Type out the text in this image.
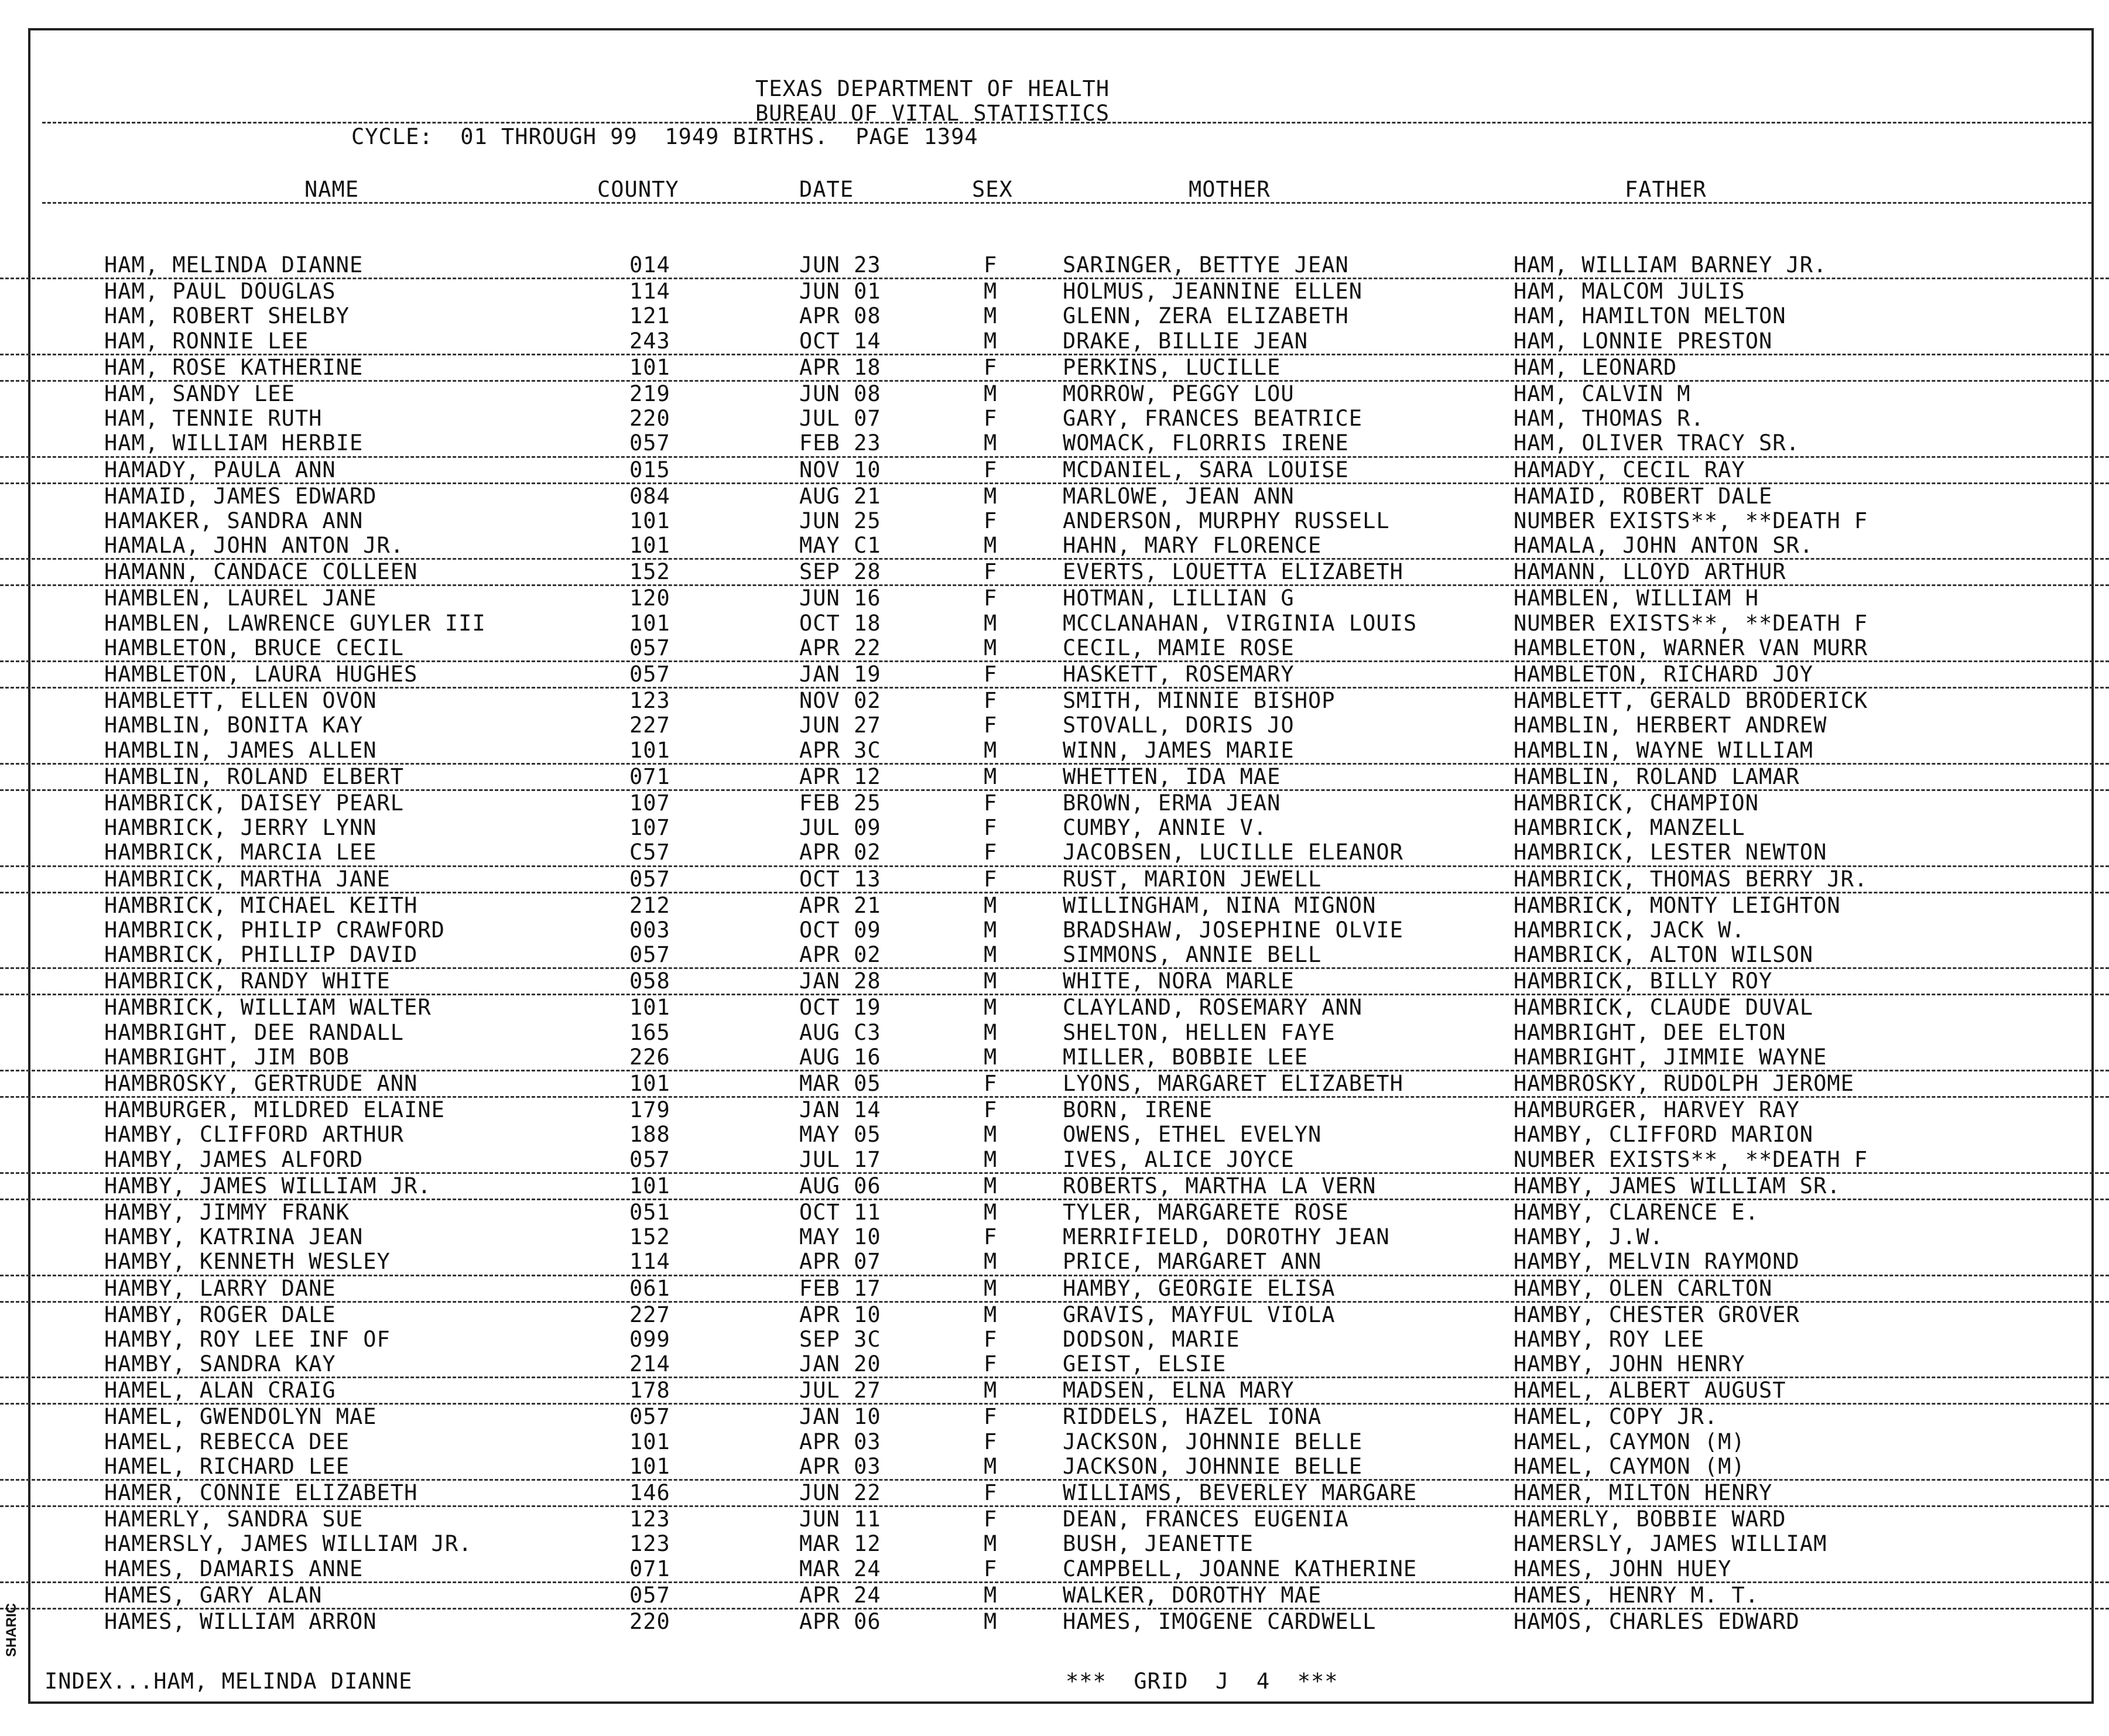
TEXAS DEPARTMENT OF HEALTH
BUREAU OF VITAL STATISTICS
CYCLE:  01 THROUGH 99  1949 BIRTHS.  PAGE 1394
NAME	COUNTY	DATE	SEX	MOTHER	FATHER
HAM, MELINDA DIANNE	014	JUN 23	F	SARINGER, BETTYE JEAN	HAM, WILLIAM BARNEY JR.
HAM, PAUL DOUGLAS	114	JUN 01	M	HOLMUS, JEANNINE ELLEN	HAM, MALCOM JULIS
HAM, ROBERT SHELBY	121	APR 08	M	GLENN, ZERA ELIZABETH	HAM, HAMILTON MELTON
HAM, RONNIE LEE	243	OCT 14	M	DRAKE, BILLIE JEAN	HAM, LONNIE PRESTON
HAM, ROSE KATHERINE	101	APR 18	F	PERKINS, LUCILLE	HAM, LEONARD
HAM, SANDY LEE	219	JUN 08	M	MORROW, PEGGY LOU	HAM, CALVIN M
HAM, TENNIE RUTH	220	JUL 07	F	GARY, FRANCES BEATRICE	HAM, THOMAS R.
HAM, WILLIAM HERBIE	057	FEB 23	M	WOMACK, FLORRIS IRENE	HAM, OLIVER TRACY SR.
HAMADY, PAULA ANN	015	NOV 10	F	MCDANIEL, SARA LOUISE	HAMADY, CECIL RAY
HAMAID, JAMES EDWARD	084	AUG 21	M	MARLOWE, JEAN ANN	HAMAID, ROBERT DALE
HAMAKER, SANDRA ANN	101	JUN 25	F	ANDERSON, MURPHY RUSSELL	NUMBER EXISTS**, **DEATH F
HAMALA, JOHN ANTON JR.	101	MAY C1	M	HAHN, MARY FLORENCE	HAMALA, JOHN ANTON SR.
HAMANN, CANDACE COLLEEN	152	SEP 28	F	EVERTS, LOUETTA ELIZABETH	HAMANN, LLOYD ARTHUR
HAMBLEN, LAUREL JANE	120	JUN 16	F	HOTMAN, LILLIAN G	HAMBLEN, WILLIAM H
HAMBLEN, LAWRENCE GUYLER III	101	OCT 18	M	MCCLANAHAN, VIRGINIA LOUIS	NUMBER EXISTS**, **DEATH F
HAMBLETON, BRUCE CECIL	057	APR 22	M	CECIL, MAMIE ROSE	HAMBLETON, WARNER VAN MURR
HAMBLETON, LAURA HUGHES	057	JAN 19	F	HASKETT, ROSEMARY	HAMBLETON, RICHARD JOY
HAMBLETT, ELLEN OVON	123	NOV 02	F	SMITH, MINNIE BISHOP	HAMBLETT, GERALD BRODERICK
HAMBLIN, BONITA KAY	227	JUN 27	F	STOVALL, DORIS JO	HAMBLIN, HERBERT ANDREW
HAMBLIN, JAMES ALLEN	101	APR 3C	M	WINN, JAMES MARIE	HAMBLIN, WAYNE WILLIAM
HAMBLIN, ROLAND ELBERT	071	APR 12	M	WHETTEN, IDA MAE	HAMBLIN, ROLAND LAMAR
HAMBRICK, DAISEY PEARL	107	FEB 25	F	BROWN, ERMA JEAN	HAMBRICK, CHAMPION
HAMBRICK, JERRY LYNN	107	JUL 09	F	CUMBY, ANNIE V.	HAMBRICK, MANZELL
HAMBRICK, MARCIA LEE	C57	APR 02	F	JACOBSEN, LUCILLE ELEANOR	HAMBRICK, LESTER NEWTON
HAMBRICK, MARTHA JANE	057	OCT 13	F	RUST, MARION JEWELL	HAMBRICK, THOMAS BERRY JR.
HAMBRICK, MICHAEL KEITH	212	APR 21	M	WILLINGHAM, NINA MIGNON	HAMBRICK, MONTY LEIGHTON
HAMBRICK, PHILIP CRAWFORD	003	OCT 09	M	BRADSHAW, JOSEPHINE OLVIE	HAMBRICK, JACK W.
HAMBRICK, PHILLIP DAVID	057	APR 02	M	SIMMONS, ANNIE BELL	HAMBRICK, ALTON WILSON
HAMBRICK, RANDY WHITE	058	JAN 28	M	WHITE, NORA MARLE	HAMBRICK, BILLY ROY
HAMBRICK, WILLIAM WALTER	101	OCT 19	M	CLAYLAND, ROSEMARY ANN	HAMBRICK, CLAUDE DUVAL
HAMBRIGHT, DEE RANDALL	165	AUG C3	M	SHELTON, HELLEN FAYE	HAMBRIGHT, DEE ELTON
HAMBRIGHT, JIM BOB	226	AUG 16	M	MILLER, BOBBIE LEE	HAMBRIGHT, JIMMIE WAYNE
HAMBROSKY, GERTRUDE ANN	101	MAR 05	F	LYONS, MARGARET ELIZABETH	HAMBROSKY, RUDOLPH JEROME
HAMBURGER, MILDRED ELAINE	179	JAN 14	F	BORN, IRENE	HAMBURGER, HARVEY RAY
HAMBY, CLIFFORD ARTHUR	188	MAY 05	M	OWENS, ETHEL EVELYN	HAMBY, CLIFFORD MARION
HAMBY, JAMES ALFORD	057	JUL 17	M	IVES, ALICE JOYCE	NUMBER EXISTS**, **DEATH F
HAMBY, JAMES WILLIAM JR.	101	AUG 06	M	ROBERTS, MARTHA LA VERN	HAMBY, JAMES WILLIAM SR.
HAMBY, JIMMY FRANK	051	OCT 11	M	TYLER, MARGARETE ROSE	HAMBY, CLARENCE E.
HAMBY, KATRINA JEAN	152	MAY 10	F	MERRIFIELD, DOROTHY JEAN	HAMBY, J.W.
HAMBY, KENNETH WESLEY	114	APR 07	M	PRICE, MARGARET ANN	HAMBY, MELVIN RAYMOND
HAMBY, LARRY DANE	061	FEB 17	M	HAMBY, GEORGIE ELISA	HAMBY, OLEN CARLTON
HAMBY, ROGER DALE	227	APR 10	M	GRAVIS, MAYFUL VIOLA	HAMBY, CHESTER GROVER
HAMBY, ROY LEE INF OF	099	SEP 3C	F	DODSON, MARIE	HAMBY, ROY LEE
HAMBY, SANDRA KAY	214	JAN 20	F	GEIST, ELSIE	HAMBY, JOHN HENRY
HAMEL, ALAN CRAIG	178	JUL 27	M	MADSEN, ELNA MARY	HAMEL, ALBERT AUGUST
HAMEL, GWENDOLYN MAE	057	JAN 10	F	RIDDELS, HAZEL IONA	HAMEL, COPY JR.
HAMEL, REBECCA DEE	101	APR 03	F	JACKSON, JOHNNIE BELLE	HAMEL, CAYMON (M)
HAMEL, RICHARD LEE	101	APR 03	M	JACKSON, JOHNNIE BELLE	HAMEL, CAYMON (M)
HAMER, CONNIE ELIZABETH	146	JUN 22	F	WILLIAMS, BEVERLEY MARGARE	HAMER, MILTON HENRY
HAMERLY, SANDRA SUE	123	JUN 11	F	DEAN, FRANCES EUGENIA	HAMERLY, BOBBIE WARD
HAMERSLY, JAMES WILLIAM JR.	123	MAR 12	M	BUSH, JEANETTE	HAMERSLY, JAMES WILLIAM
HAMES, DAMARIS ANNE	071	MAR 24	F	CAMPBELL, JOANNE KATHERINE	HAMES, JOHN HUEY
HAMES, GARY ALAN	057	APR 24	M	WALKER, DOROTHY MAE	HAMES, HENRY M. T.
HAMES, WILLIAM ARRON	220	APR 06	M	HAMES, IMOGENE CARDWELL	HAMOS, CHARLES EDWARD
INDEX...HAM, MELINDA DIANNE	***  GRID  J  4  ***
SHARIC
